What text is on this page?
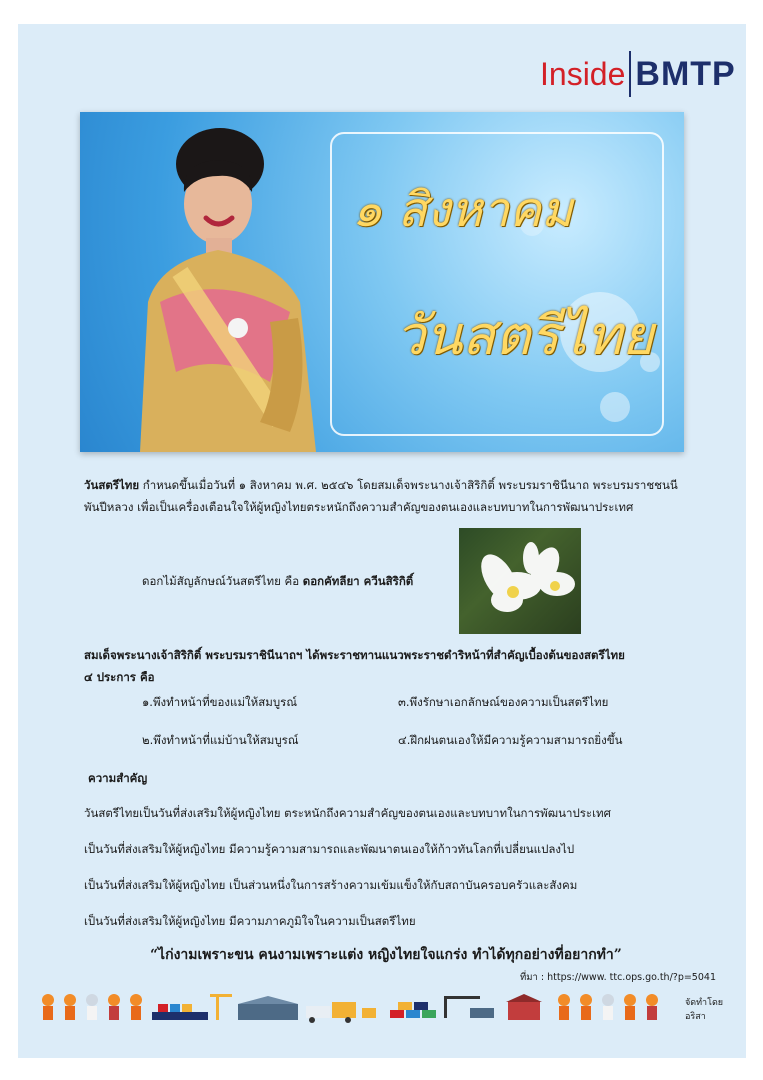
Inside BMTP
๑ สิงหาคม
วันสตรีไทย
วันสตรีไทย กำหนดขึ้นเมื่อวันที่ ๑ สิงหาคม พ.ศ. ๒๕๔๖ โดยสมเด็จพระนางเจ้าสิริกิติ์ พระบรมราชินีนาถ พระบรมราชชนนี
พันปีหลวง เพื่อเป็นเครื่องเตือนใจให้ผู้หญิงไทยตระหนักถึงความสำคัญของตนเองและบทบาทในการพัฒนาประเทศ
ดอกไม้สัญลักษณ์วันสตรีไทย คือ ดอกคัทลียา ควีนสิริกิติ์
สมเด็จพระนางเจ้าสิริกิติ์ พระบรมราชินีนาถฯ ได้พระราชทานแนวพระราชดำริหน้าที่สำคัญเบื้องต้นของสตรีไทย
๔ ประการ คือ
๑.พึงทำหน้าที่ของแม่ให้สมบูรณ์
๒.พึงทำหน้าที่แม่บ้านให้สมบูรณ์
๓.พึงรักษาเอกลักษณ์ของความเป็นสตรีไทย
๔.ฝึกฝนตนเองให้มีความรู้ความสามารถยิ่งขึ้น
ความสำคัญ
วันสตรีไทยเป็นวันที่ส่งเสริมให้ผู้หญิงไทย ตระหนักถึงความสำคัญของตนเองและบทบาทในการพัฒนาประเทศ
เป็นวันที่ส่งเสริมให้ผู้หญิงไทย มีความรู้ความสามารถและพัฒนาตนเองให้ก้าวทันโลกที่เปลี่ยนแปลงไป
เป็นวันที่ส่งเสริมให้ผู้หญิงไทย เป็นส่วนหนึ่งในการสร้างความเข้มแข็งให้กับสถาบันครอบครัวและสังคม
เป็นวันที่ส่งเสริมให้ผู้หญิงไทย มีความภาคภูมิใจในความเป็นสตรีไทย
“ไก่งามเพราะขน คนงามเพราะแต่ง หญิงไทยใจแกร่ง ทำได้ทุกอย่างที่อยากทำ”
ที่มา : https://www. ttc.ops.go.th/?p=5041
จัดทำโดย
อริสา
